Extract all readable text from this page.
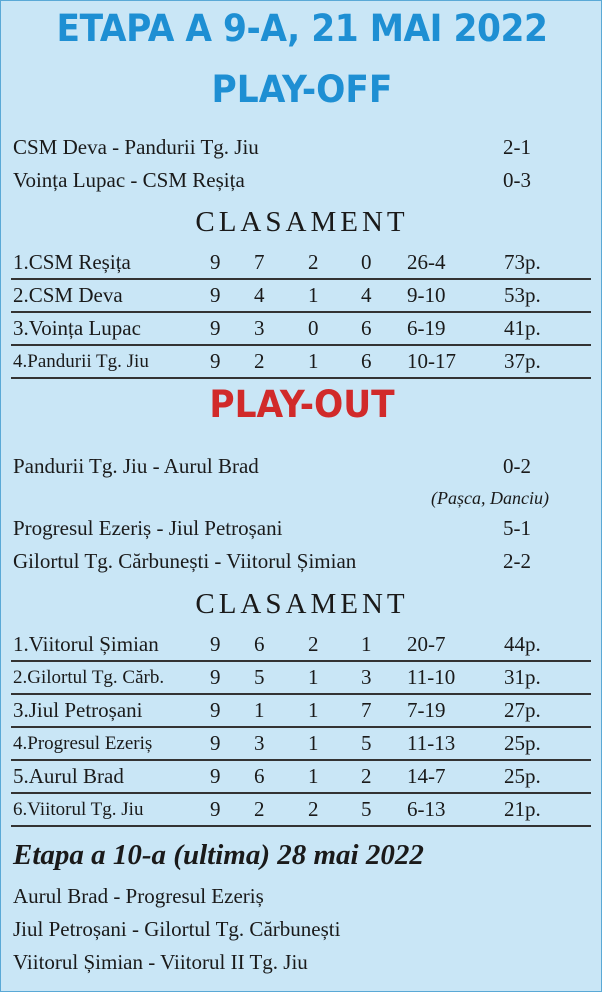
ETAPA A 9-A, 21 MAI 2022
PLAY-OFF
CSM Deva - Pandurii Tg. Jiu	2-1
Voința Lupac - CSM Reșița	0-3
CLASAMENT
1.CSM Reșița	9 7 2 0 26-4	73p.
2.CSM Deva	9 4 1 4 9-10	53p.
3.Voința Lupac	9 3 0 6 6-19	41p.
4.Pandurii Tg. Jiu	9 2 1 6 10-17 37p.
PLAY-OUT
Pandurii Tg. Jiu - Aurul Brad	0-2
(Pașca, Danciu)
Progresul Ezeriș - Jiul Petroșani	5-1
Gilortul Tg. Cărbunești - Viitorul Șimian	2-2
CLASAMENT
1.Viitorul Șimian 9 6 2 1 20-7	44p.
2.Gilortul Tg. Cărb. 9 5 1 3 11-10 31p.
3.Jiul Petroșani	9 1 1 7 7-19	27p.
4.Progresul Ezeriș	9 3 1 5 11-13 25p.
5.Aurul Brad	9 6 1 2 14-7	25p.
6.Viitorul Tg. Jiu	9 2 2 5 6-13	21p.
Etapa a 10-a (ultima) 28 mai 2022
Aurul Brad - Progresul Ezeriș
Jiul Petroșani - Gilortul Tg. Cărbunești
Viitorul Șimian - Viitorul II Tg. Jiu
